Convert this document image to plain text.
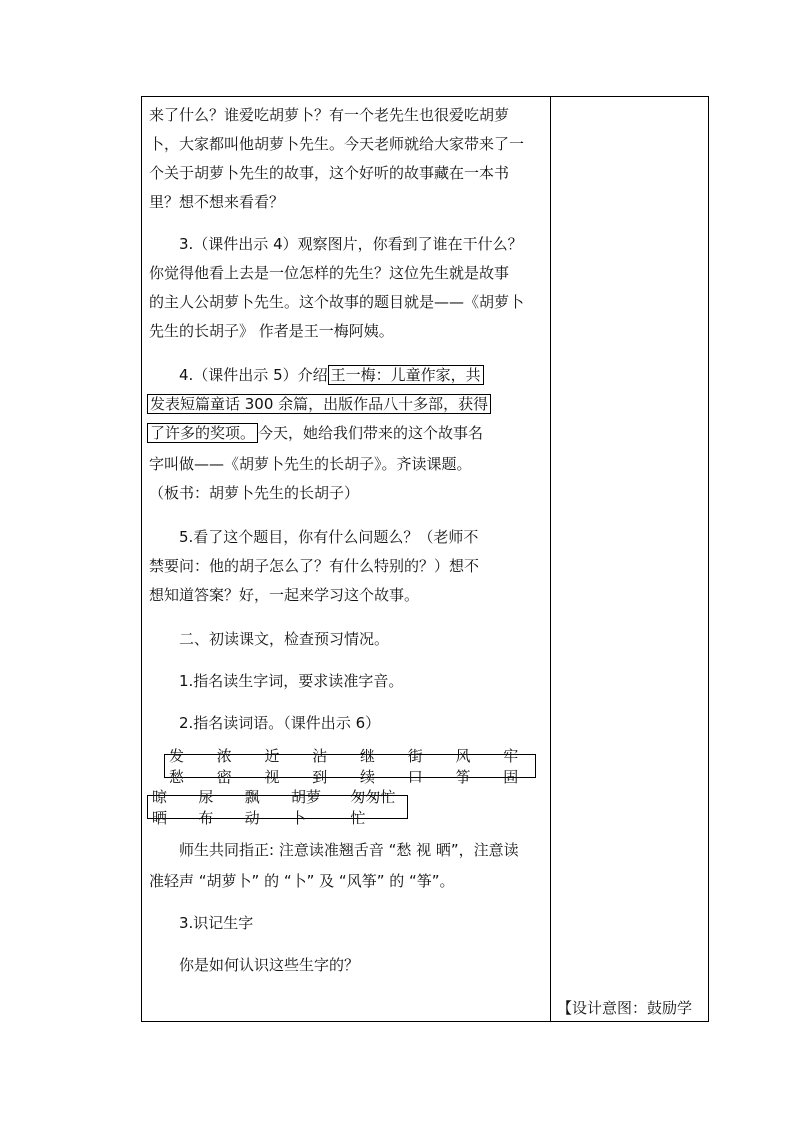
来了什么？谁爱吃胡萝卜？有一个老先生也很爱吃胡萝
卜，大家都叫他胡萝卜先生。今天老师就给大家带来了一
个关于胡萝卜先生的故事，这个好听的故事藏在一本书
里？想不想来看看？
3.（课件出示 4）观察图片，你看到了谁在干什么？
你觉得他看上去是一位怎样的先生？这位先生就是故事
的主人公胡萝卜先生。这个故事的题目就是——《胡萝卜
先生的长胡子》 作者是王一梅阿姨。
4.（课件出示 5）介绍 王一梅：儿童作家，共
发表短篇童话 300 余篇，出版作品八十多部，获得
了许多的奖项。 今天，她给我们带来的这个故事名
字叫做——《胡萝卜先生的长胡子》。齐读课题。
（板书：胡萝卜先生的长胡子）
5.看了这个题目，你有什么问题么？（老师不
禁要问：他的胡子怎么了？有什么特别的？）想不
想知道答案？好，一起来学习这个故事。
二、初读课文，检查预习情况。
1.指名读生字词，要求读准字音。
2.指名读词语。（课件出示 6）
发愁
浓密
近视
沾到
继续
街口
风筝
牢固
晾晒
尿布
飘动
胡萝卜
匆匆忙忙
师生共同指正: 注意读准翘舌音 “愁 视 晒”，注意读
准轻声 “胡萝卜” 的 “卜” 及 “风筝” 的 “筝”。
3.识记生字
你是如何认识这些生字的？
【设计意图：鼓励学
